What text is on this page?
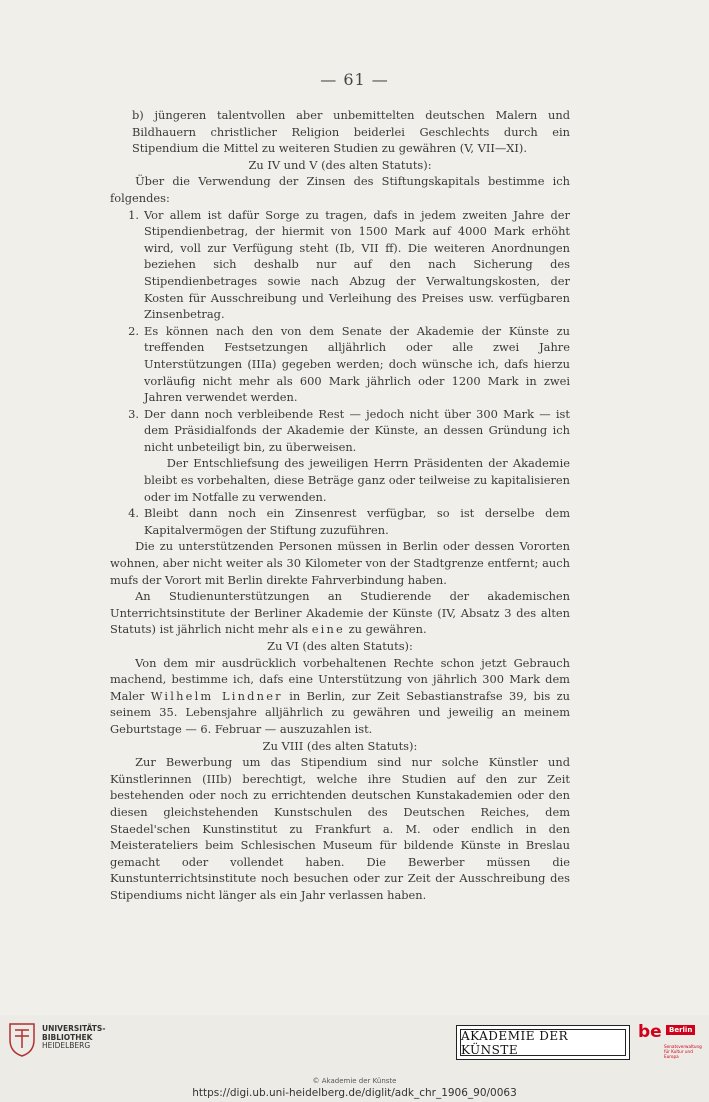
— 61 —

b) jüngeren talentvollen aber unbemittelten deutschen Malern und Bildhauern christlicher Religion beiderlei Geschlechts durch ein Stipendium die Mittel zu weiteren Studien zu gewähren (V, VII—XI).

Zu IV und V (des alten Statuts):

Über die Verwendung der Zinsen des Stiftungskapitals bestimme ich folgendes:

1. Vor allem ist dafür Sorge zu tragen, dafs in jedem zweiten Jahre der Stipendienbetrag, der hiermit von 1500 Mark auf 4000 Mark erhöht wird, voll zur Verfügung steht (Ib, VII ff). Die weiteren Anordnungen beziehen sich deshalb nur auf den nach Sicherung des Stipendienbetrages sowie nach Abzug der Verwaltungskosten, der Kosten für Ausschreibung und Verleihung des Preises usw. verfügbaren Zinsenbetrag.
2. Es können nach den von dem Senate der Akademie der Künste zu treffenden Festsetzungen alljährlich oder alle zwei Jahre Unterstützungen (IIIa) gegeben werden; doch wünsche ich, dafs hierzu vorläufig nicht mehr als 600 Mark jährlich oder 1200 Mark in zwei Jahren verwendet werden.
3. Der dann noch verbleibende Rest — jedoch nicht über 300 Mark — ist dem Präsidialfonds der Akademie der Künste, an dessen Gründung ich nicht unbeteiligt bin, zu überweisen.
Der Entschliefsung des jeweiligen Herrn Präsidenten der Akademie bleibt es vorbehalten, diese Beträge ganz oder teilweise zu kapitalisieren oder im Notfalle zu verwenden.
4. Bleibt dann noch ein Zinsenrest verfügbar, so ist derselbe dem Kapitalvermögen der Stiftung zuzuführen.

Die zu unterstützenden Personen müssen in Berlin oder dessen Vororten wohnen, aber nicht weiter als 30 Kilometer von der Stadtgrenze entfernt; auch mufs der Vorort mit Berlin direkte Fahrverbindung haben.

An Studienunterstützungen an Studierende der akademischen Unterrichtsinstitute der Berliner Akademie der Künste (IV, Absatz 3 des alten Statuts) ist jährlich nicht mehr als eine zu gewähren.

Zu VI (des alten Statuts):

Von dem mir ausdrücklich vorbehaltenen Rechte schon jetzt Gebrauch machend, bestimme ich, dafs eine Unterstützung von jährlich 300 Mark dem Maler Wilhelm Lindner in Berlin, zur Zeit Sebastianstrafse 39, bis zu seinem 35. Lebensjahre alljährlich zu gewähren und jeweilig an meinem Geburtstage — 6. Februar — auszuzahlen ist.

Zu VIII (des alten Statuts):

Zur Bewerbung um das Stipendium sind nur solche Künstler und Künstlerinnen (IIIb) berechtigt, welche ihre Studien auf den zur Zeit bestehenden oder noch zu errichtenden deutschen Kunstakademien oder den diesen gleichstehenden Kunstschulen des Deutschen Reiches, dem Staedel'schen Kunstinstitut zu Frankfurt a. M. oder endlich in den Meisterateliers beim Schlesischen Museum für bildende Künste in Breslau gemacht oder vollendet haben. Die Bewerber müssen die Kunstunterrichtsinstitute noch besuchen oder zur Zeit der Ausschreibung des Stipendiums nicht länger als ein Jahr verlassen haben.

UNIVERSITÄTS-
BIBLIOTHEK
HEIDELBERG
AKADEMIE DER KÜNSTE
be	Berlin
Senatsverwaltung für Kultur und Europa
© Akademie der Künste
https://digi.ub.uni-heidelberg.de/diglit/adk_chr_1906_90/0063
